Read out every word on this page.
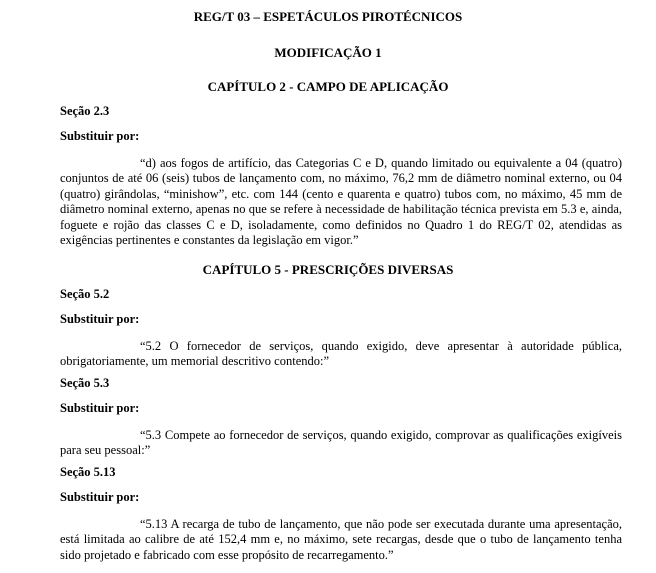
REG/T 03 – ESPETÁCULOS PIROTÉCNICOS
MODIFICAÇÃO 1
CAPÍTULO 2 - CAMPO DE APLICAÇÃO
Seção 2.3
Substituir por:
“d) aos fogos de artifício, das Categorias C e D, quando limitado ou equivalente a 04 (quatro) conjuntos de até 06 (seis) tubos de lançamento com, no máximo, 76,2 mm de diâmetro nominal externo, ou 04 (quatro) girândolas, “minishow”, etc. com 144 (cento e quarenta e quatro) tubos com, no máximo, 45 mm de diâmetro nominal externo, apenas no que se refere à necessidade de habilitação técnica prevista em 5.3 e, ainda, foguete e rojão das classes C e D, isoladamente, como definidos no Quadro 1 do REG/T 02, atendidas as exigências pertinentes e constantes da legislação em vigor.”
CAPÍTULO 5 - PRESCRIÇÕES DIVERSAS
Seção 5.2
Substituir por:
“5.2 O fornecedor de serviços, quando exigido, deve apresentar à autoridade pública, obrigatoriamente, um memorial descritivo contendo:”
Seção 5.3
Substituir por:
“5.3 Compete ao fornecedor de serviços, quando exigido, comprovar as qualificações exigíveis para seu pessoal:”
Seção 5.13
Substituir por:
“5.13 A recarga de tubo de lançamento, que não pode ser executada durante uma apresentação, está limitada ao calibre de até 152,4 mm e, no máximo, sete recargas, desde que o tubo de lançamento tenha sido projetado e fabricado com esse propósito de recarregamento.”
